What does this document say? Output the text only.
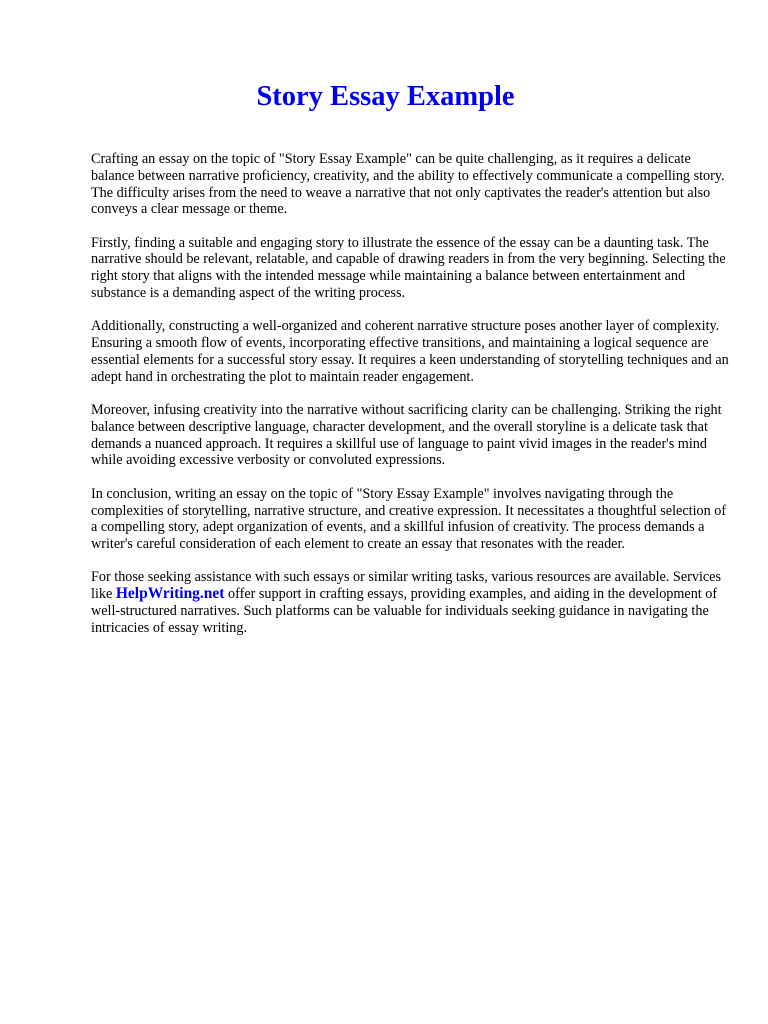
Story Essay Example

Crafting an essay on the topic of "Story Essay Example" can be quite challenging, as it requires a delicate balance between narrative proficiency, creativity, and the ability to effectively communicate a compelling story. The difficulty arises from the need to weave a narrative that not only captivates the reader's attention but also conveys a clear message or theme.

Firstly, finding a suitable and engaging story to illustrate the essence of the essay can be a daunting task. The narrative should be relevant, relatable, and capable of drawing readers in from the very beginning. Selecting the right story that aligns with the intended message while maintaining a balance between entertainment and substance is a demanding aspect of the writing process.

Additionally, constructing a well-organized and coherent narrative structure poses another layer of complexity. Ensuring a smooth flow of events, incorporating effective transitions, and maintaining a logical sequence are essential elements for a successful story essay. It requires a keen understanding of storytelling techniques and an adept hand in orchestrating the plot to maintain reader engagement.

Moreover, infusing creativity into the narrative without sacrificing clarity can be challenging. Striking the right balance between descriptive language, character development, and the overall storyline is a delicate task that demands a nuanced approach. It requires a skillful use of language to paint vivid images in the reader's mind while avoiding excessive verbosity or convoluted expressions.

In conclusion, writing an essay on the topic of "Story Essay Example" involves navigating through the complexities of storytelling, narrative structure, and creative expression. It necessitates a thoughtful selection of a compelling story, adept organization of events, and a skillful infusion of creativity. The process demands a writer's careful consideration of each element to create an essay that resonates with the reader.

For those seeking assistance with such essays or similar writing tasks, various resources are available. Services like HelpWriting.net offer support in crafting essays, providing examples, and aiding in the development of well-structured narratives. Such platforms can be valuable for individuals seeking guidance in navigating the intricacies of essay writing.
